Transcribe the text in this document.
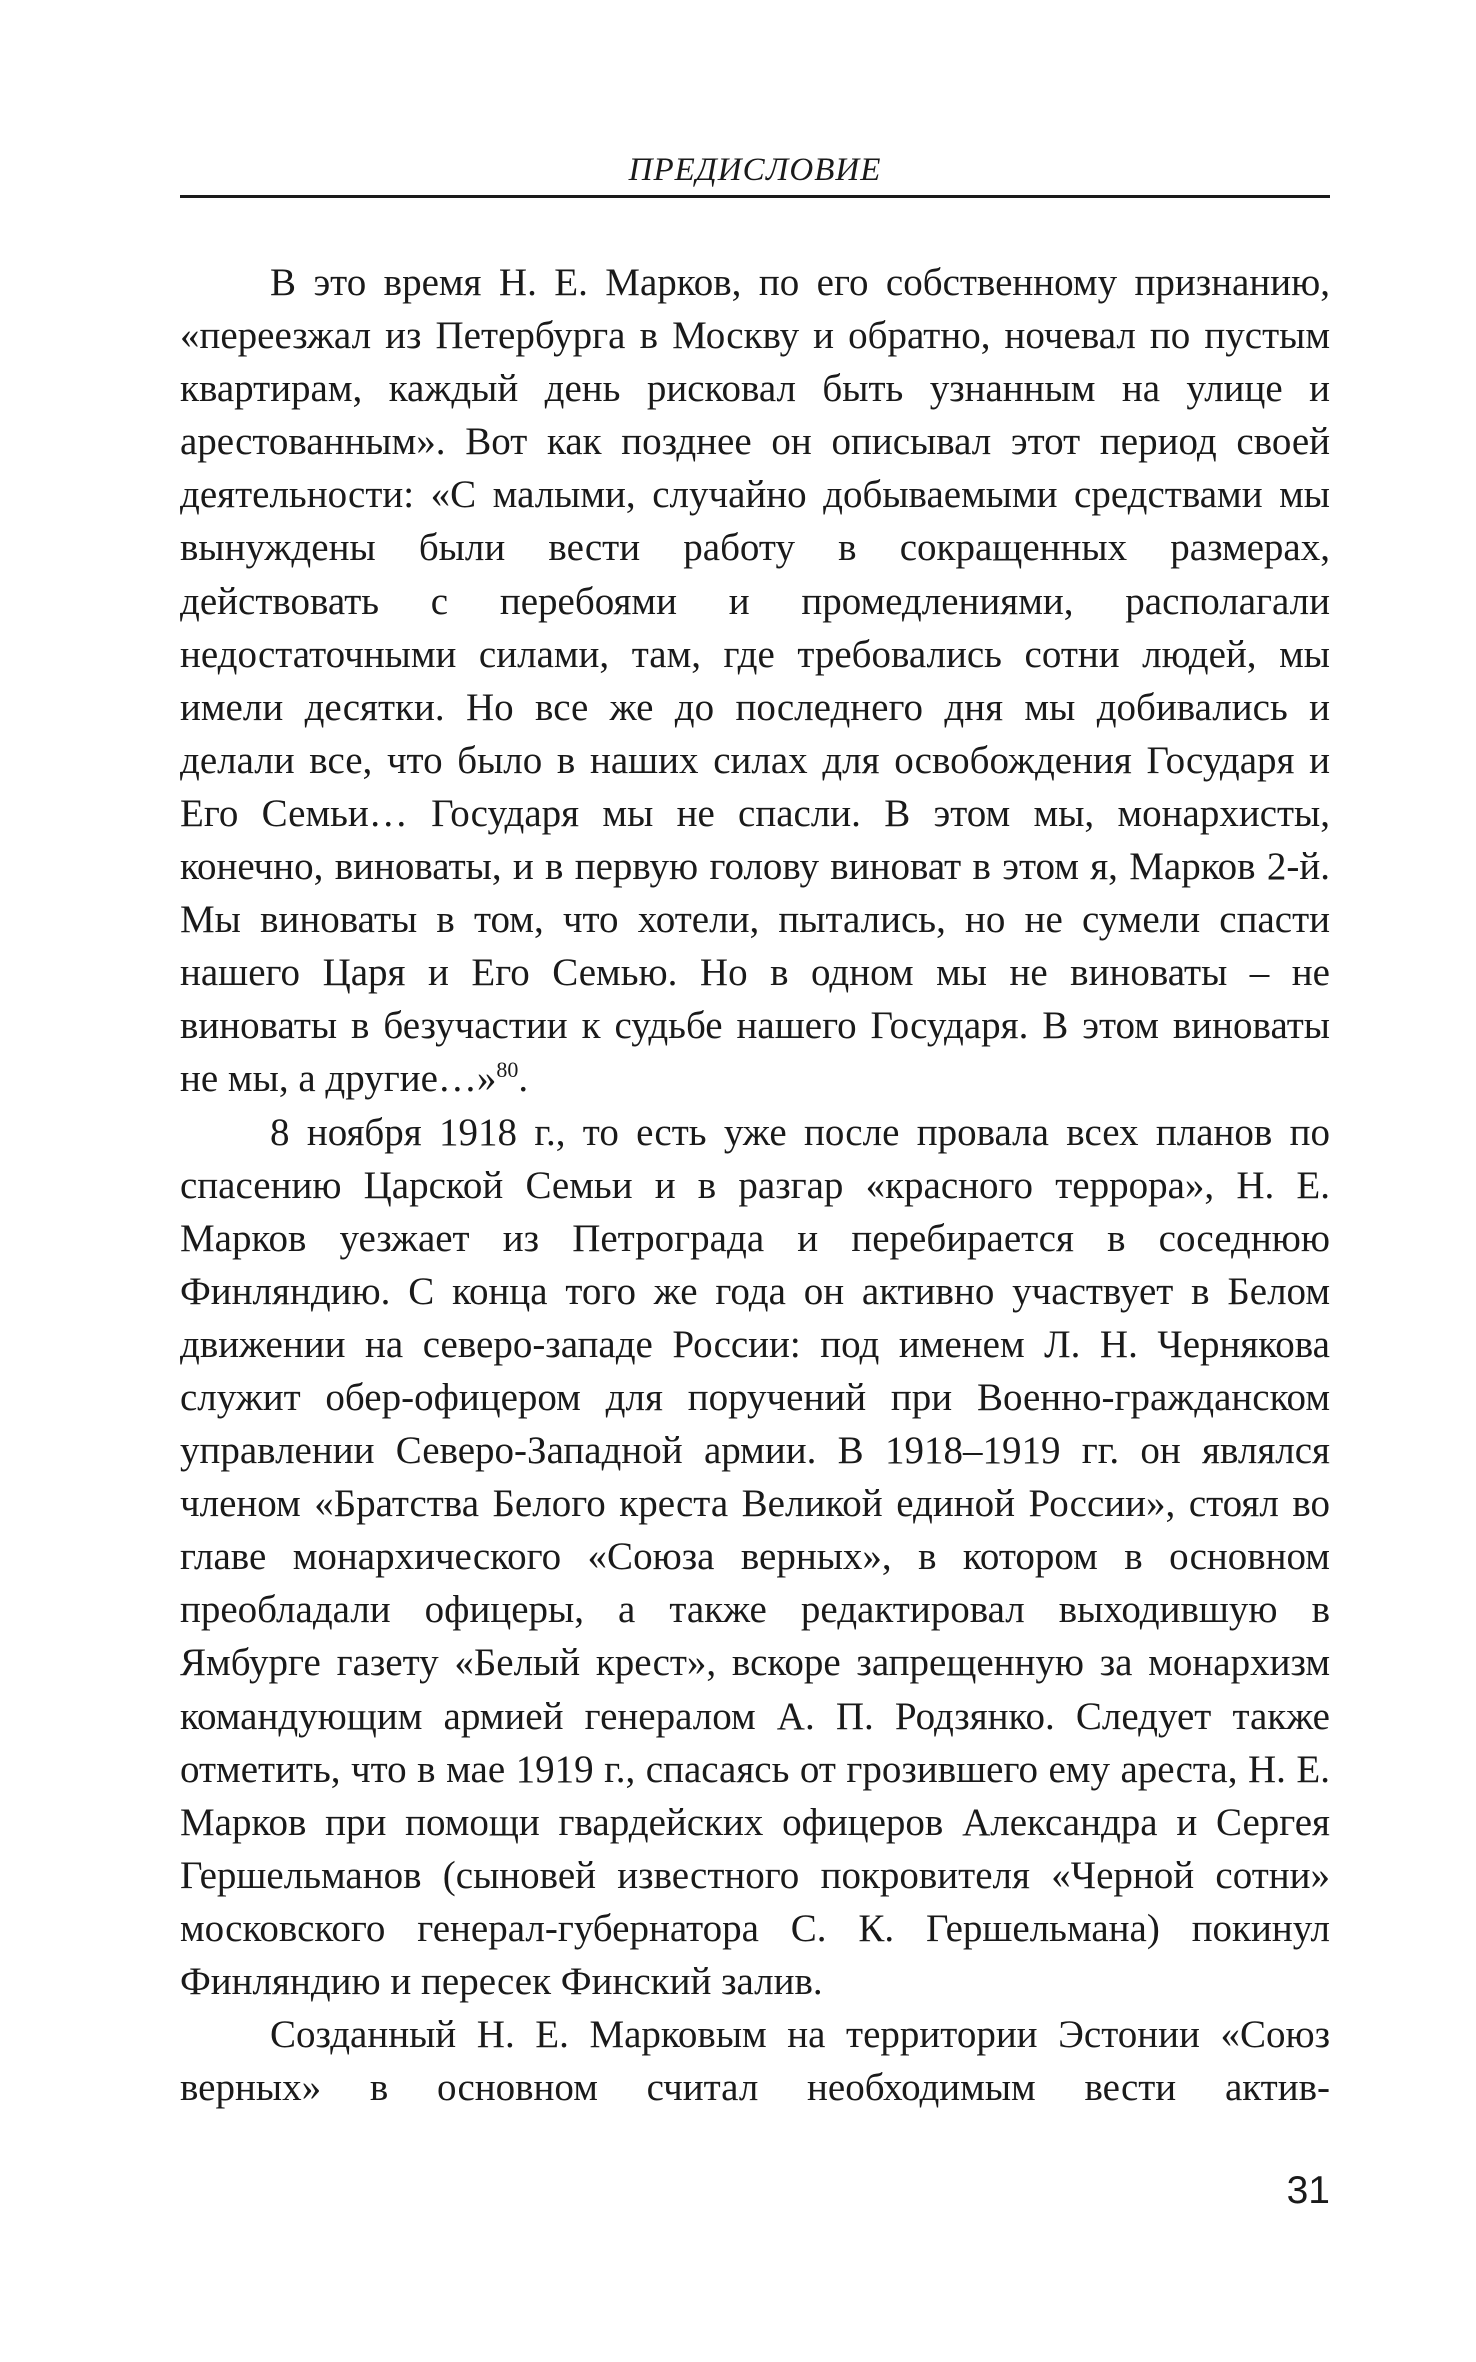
ПРЕДИСЛОВИЕ

В это время Н. Е. Марков, по его собственному признанию, «переезжал из Петербурга в Москву и обратно, ночевал по пустым квартирам, каждый день рисковал быть узнанным на улице и арестованным». Вот как позднее он описывал этот период своей деятельности: «С малыми, случайно добываемыми средствами мы вынуждены были вести работу в сокращенных размерах, действовать с перебоями и промедлениями, располагали недостаточными силами, там, где требовались сотни людей, мы имели десятки. Но все же до последнего дня мы добивались и делали все, что было в наших силах для освобождения Государя и Его Семьи… Государя мы не спасли. В этом мы, монархисты, конечно, виноваты, и в первую голову виноват в этом я, Марков 2-й. Мы виноваты в том, что хотели, пытались, но не сумели спасти нашего Царя и Его Семью. Но в одном мы не виноваты – не виноваты в безучастии к судьбе нашего Государя. В этом виноваты не мы, а другие…»$^{80}$.

8 ноября 1918 г., то есть уже после провала всех планов по спасению Царской Семьи и в разгар «красного террора», Н. Е. Марков уезжает из Петрограда и перебирается в соседнюю Финляндию. С конца того же года он активно участвует в Белом движении на северо-западе России: под именем Л. Н. Чернякова служит обер-офицером для поручений при Военно-гражданском управлении Северо-Западной армии. В 1918–1919 гг. он являлся членом «Братства Белого креста Великой единой России», стоял во главе монархического «Союза верных», в котором в основном преобладали офицеры, а также редактировал выходившую в Ямбурге газету «Белый крест», вскоре запрещенную за монархизм командующим армией генералом А. П. Родзянко. Следует также отметить, что в мае 1919 г., спасаясь от грозившего ему ареста, Н. Е. Марков при помощи гвардейских офицеров Александра и Сергея Гершельманов (сыновей известного покровителя «Черной сотни» московского генерал-губернатора С. К. Гершельмана) покинул Финляндию и пересек Финский залив.

Созданный Н. Е. Марковым на территории Эстонии «Союз верных» в основном считал необходимым вести актив-

31
